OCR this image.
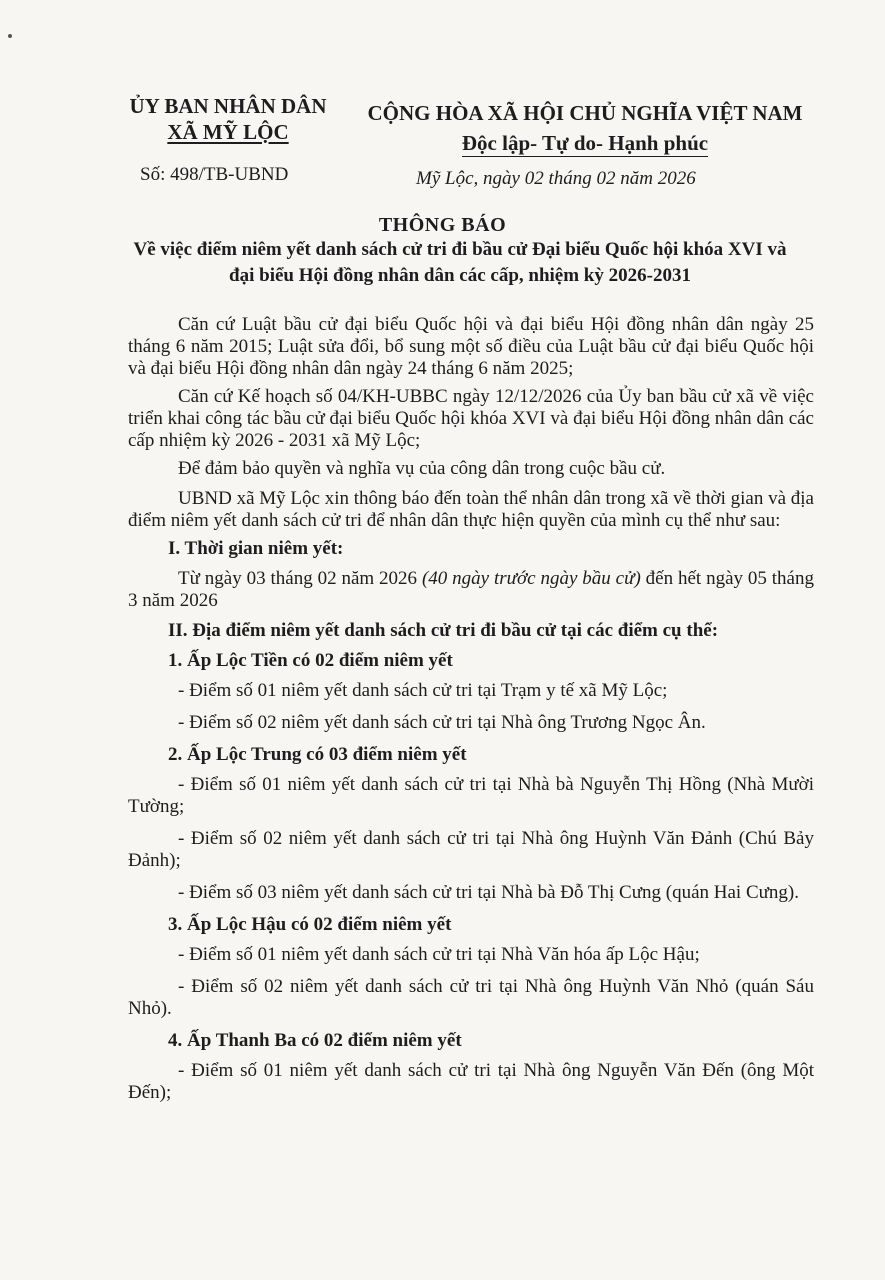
ỦY BAN NHÂN DÂN
XÃ MỸ LỘC
CỘNG HÒA XÃ HỘI CHỦ NGHĨA VIỆT NAM
Độc lập- Tự do- Hạnh phúc
Số: 498/TB-UBND	Mỹ Lộc, ngày 02 tháng 02 năm 2026
THÔNG BÁO
Về việc điểm niêm yết danh sách cử tri đi bầu cử Đại biểu Quốc hội khóa XVI và đại biểu Hội đồng nhân dân các cấp, nhiệm kỳ 2026-2031

Căn cứ Luật bầu cử đại biểu Quốc hội và đại biểu Hội đồng nhân dân ngày 25 tháng 6 năm 2015; Luật sửa đổi, bổ sung một số điều của Luật bầu cử đại biểu Quốc hội và đại biểu Hội đồng nhân dân ngày 24 tháng 6 năm 2025;

Căn cứ Kế hoạch số 04/KH-UBBC ngày 12/12/2026 của Ủy ban bầu cử xã về việc triển khai công tác bầu cử đại biểu Quốc hội khóa XVI và đại biểu Hội đồng nhân dân các cấp nhiệm kỳ 2026 - 2031 xã Mỹ Lộc;

Để đảm bảo quyền và nghĩa vụ của công dân trong cuộc bầu cử.

UBND xã Mỹ Lộc xin thông báo đến toàn thể nhân dân trong xã về thời gian và địa điểm niêm yết danh sách cử tri để nhân dân thực hiện quyền của mình cụ thể như sau:

I. Thời gian niêm yết:

Từ ngày 03 tháng 02 năm 2026 (40 ngày trước ngày bầu cử) đến hết ngày 05 tháng 3 năm 2026

II. Địa điểm niêm yết danh sách cử tri đi bầu cử tại các điểm cụ thể:

1. Ấp Lộc Tiền có 02 điểm niêm yết

- Điểm số 01 niêm yết danh sách cử tri tại Trạm y tế xã Mỹ Lộc;

- Điểm số 02 niêm yết danh sách cử tri tại Nhà ông Trương Ngọc Ân.

2. Ấp Lộc Trung có 03 điểm niêm yết

- Điểm số 01 niêm yết danh sách cử tri tại Nhà bà Nguyễn Thị Hồng (Nhà Mười Tường;

- Điểm số 02 niêm yết danh sách cử tri tại Nhà ông Huỳnh Văn Đảnh (Chú Bảy Đảnh);

- Điểm số 03 niêm yết danh sách cử tri tại Nhà bà Đỗ Thị Cưng (quán Hai Cưng).

3. Ấp Lộc Hậu có 02 điểm niêm yết

- Điểm số 01 niêm yết danh sách cử tri tại Nhà Văn hóa ấp Lộc Hậu;

- Điểm số 02 niêm yết danh sách cử tri tại Nhà ông Huỳnh Văn Nhỏ (quán Sáu Nhỏ).

4. Ấp Thanh Ba có 02 điểm niêm yết

- Điểm số 01 niêm yết danh sách cử tri tại Nhà ông Nguyễn Văn Đến (ông Một Đến);
